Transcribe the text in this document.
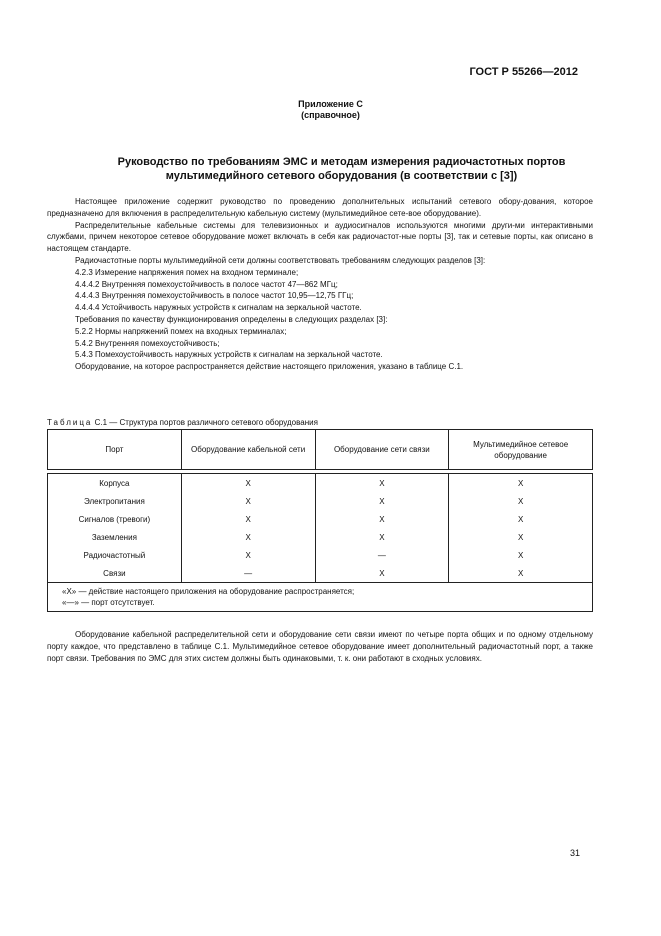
ГОСТ Р 55266—2012
Приложение С
(справочное)
Руководство по требованиям ЭМС и методам измерения радиочастотных портов
мультимедийного сетевого оборудования (в соответствии с [3])

Настоящее приложение содержит руководство по проведению дополнительных испытаний сетевого обору-дования, которое предназначено для включения в распределительную кабельную систему (мультимедийное сете-вое оборудование).

Распределительные кабельные системы для телевизионных и аудиосигналов используются многими други-ми интерактивными службами, причем некоторое сетевое оборудование может включать в себя как радиочастот-ные порты [3], так и сетевые порты, как описано в настоящем стандарте.

Радиочастотные порты мультимедийной сети должны соответствовать требованиям следующих разделов [3]:

4.2.3 Измерение напряжения помех на входном терминале;

4.4.4.2 Внутренняя помехоустойчивость в полосе частот 47—862 МГц;

4.4.4.3 Внутренняя помехоустойчивость в полосе частот 10,95—12,75 ГГц;

4.4.4.4 Устойчивость наружных устройств к сигналам на зеркальной частоте.

Требования по качеству функционирования определены в следующих разделах [3]:

5.2.2 Нормы напряжений помех на входных терминалах;

5.4.2 Внутренняя помехоустойчивость;

5.4.3 Помехоустойчивость наружных устройств к сигналам на зеркальной частоте.

Оборудование, на которое распространяется действие настоящего приложения, указано в таблице С.1.

Таблица С.1 — Структура портов различного сетевого оборудования
Порт	Оборудование кабельной сети	Оборудование сети связи	Мультимедийное сетевое оборудование

Корпуса	X	X	X
Электропитания	X	X	X
Сигналов (тревоги)	X	X	X
Заземления	X	X	X
Радиочастотный	X	—	X
Связи	—	X	X

«X» — действие настоящего приложения на оборудование распространяется;
«—» — порт отсутствует.			

Оборудование кабельной распределительной сети и оборудование сети связи имеют по четыре порта общих и по одному отдельному порту каждое, что представлено в таблице С.1. Мультимедийное сетевое оборудование имеет дополнительный радиочастотный порт, а также порт связи. Требования по ЭМС для этих систем должны быть одинаковыми, т. к. они работают в сходных условиях.

31
